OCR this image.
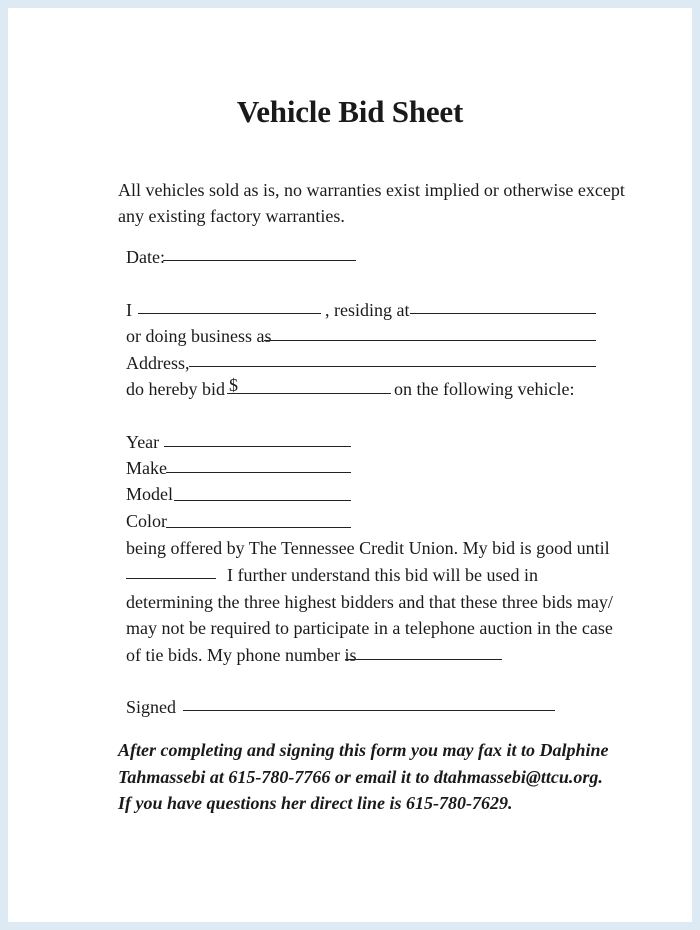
Vehicle Bid Sheet
All vehicles sold as is, no warranties exist implied or otherwise except
any existing factory warranties.
Date:
I	, residing at
or doing business as
Address,
do hereby bid $	on the following vehicle:
Year
Make
Model
Color
being offered by The Tennessee Credit Union. My bid is good until
I further understand this bid will be used in
determining the three highest bidders and that these three bids may/
may not be required to participate in a telephone auction in the case
of tie bids. My phone number is
Signed
After completing and signing this form you may fax it to Dalphine
Tahmassebi at 615-780-7766 or email it to dtahmassebi@ttcu.org.
If you have questions her direct line is 615-780-7629.
